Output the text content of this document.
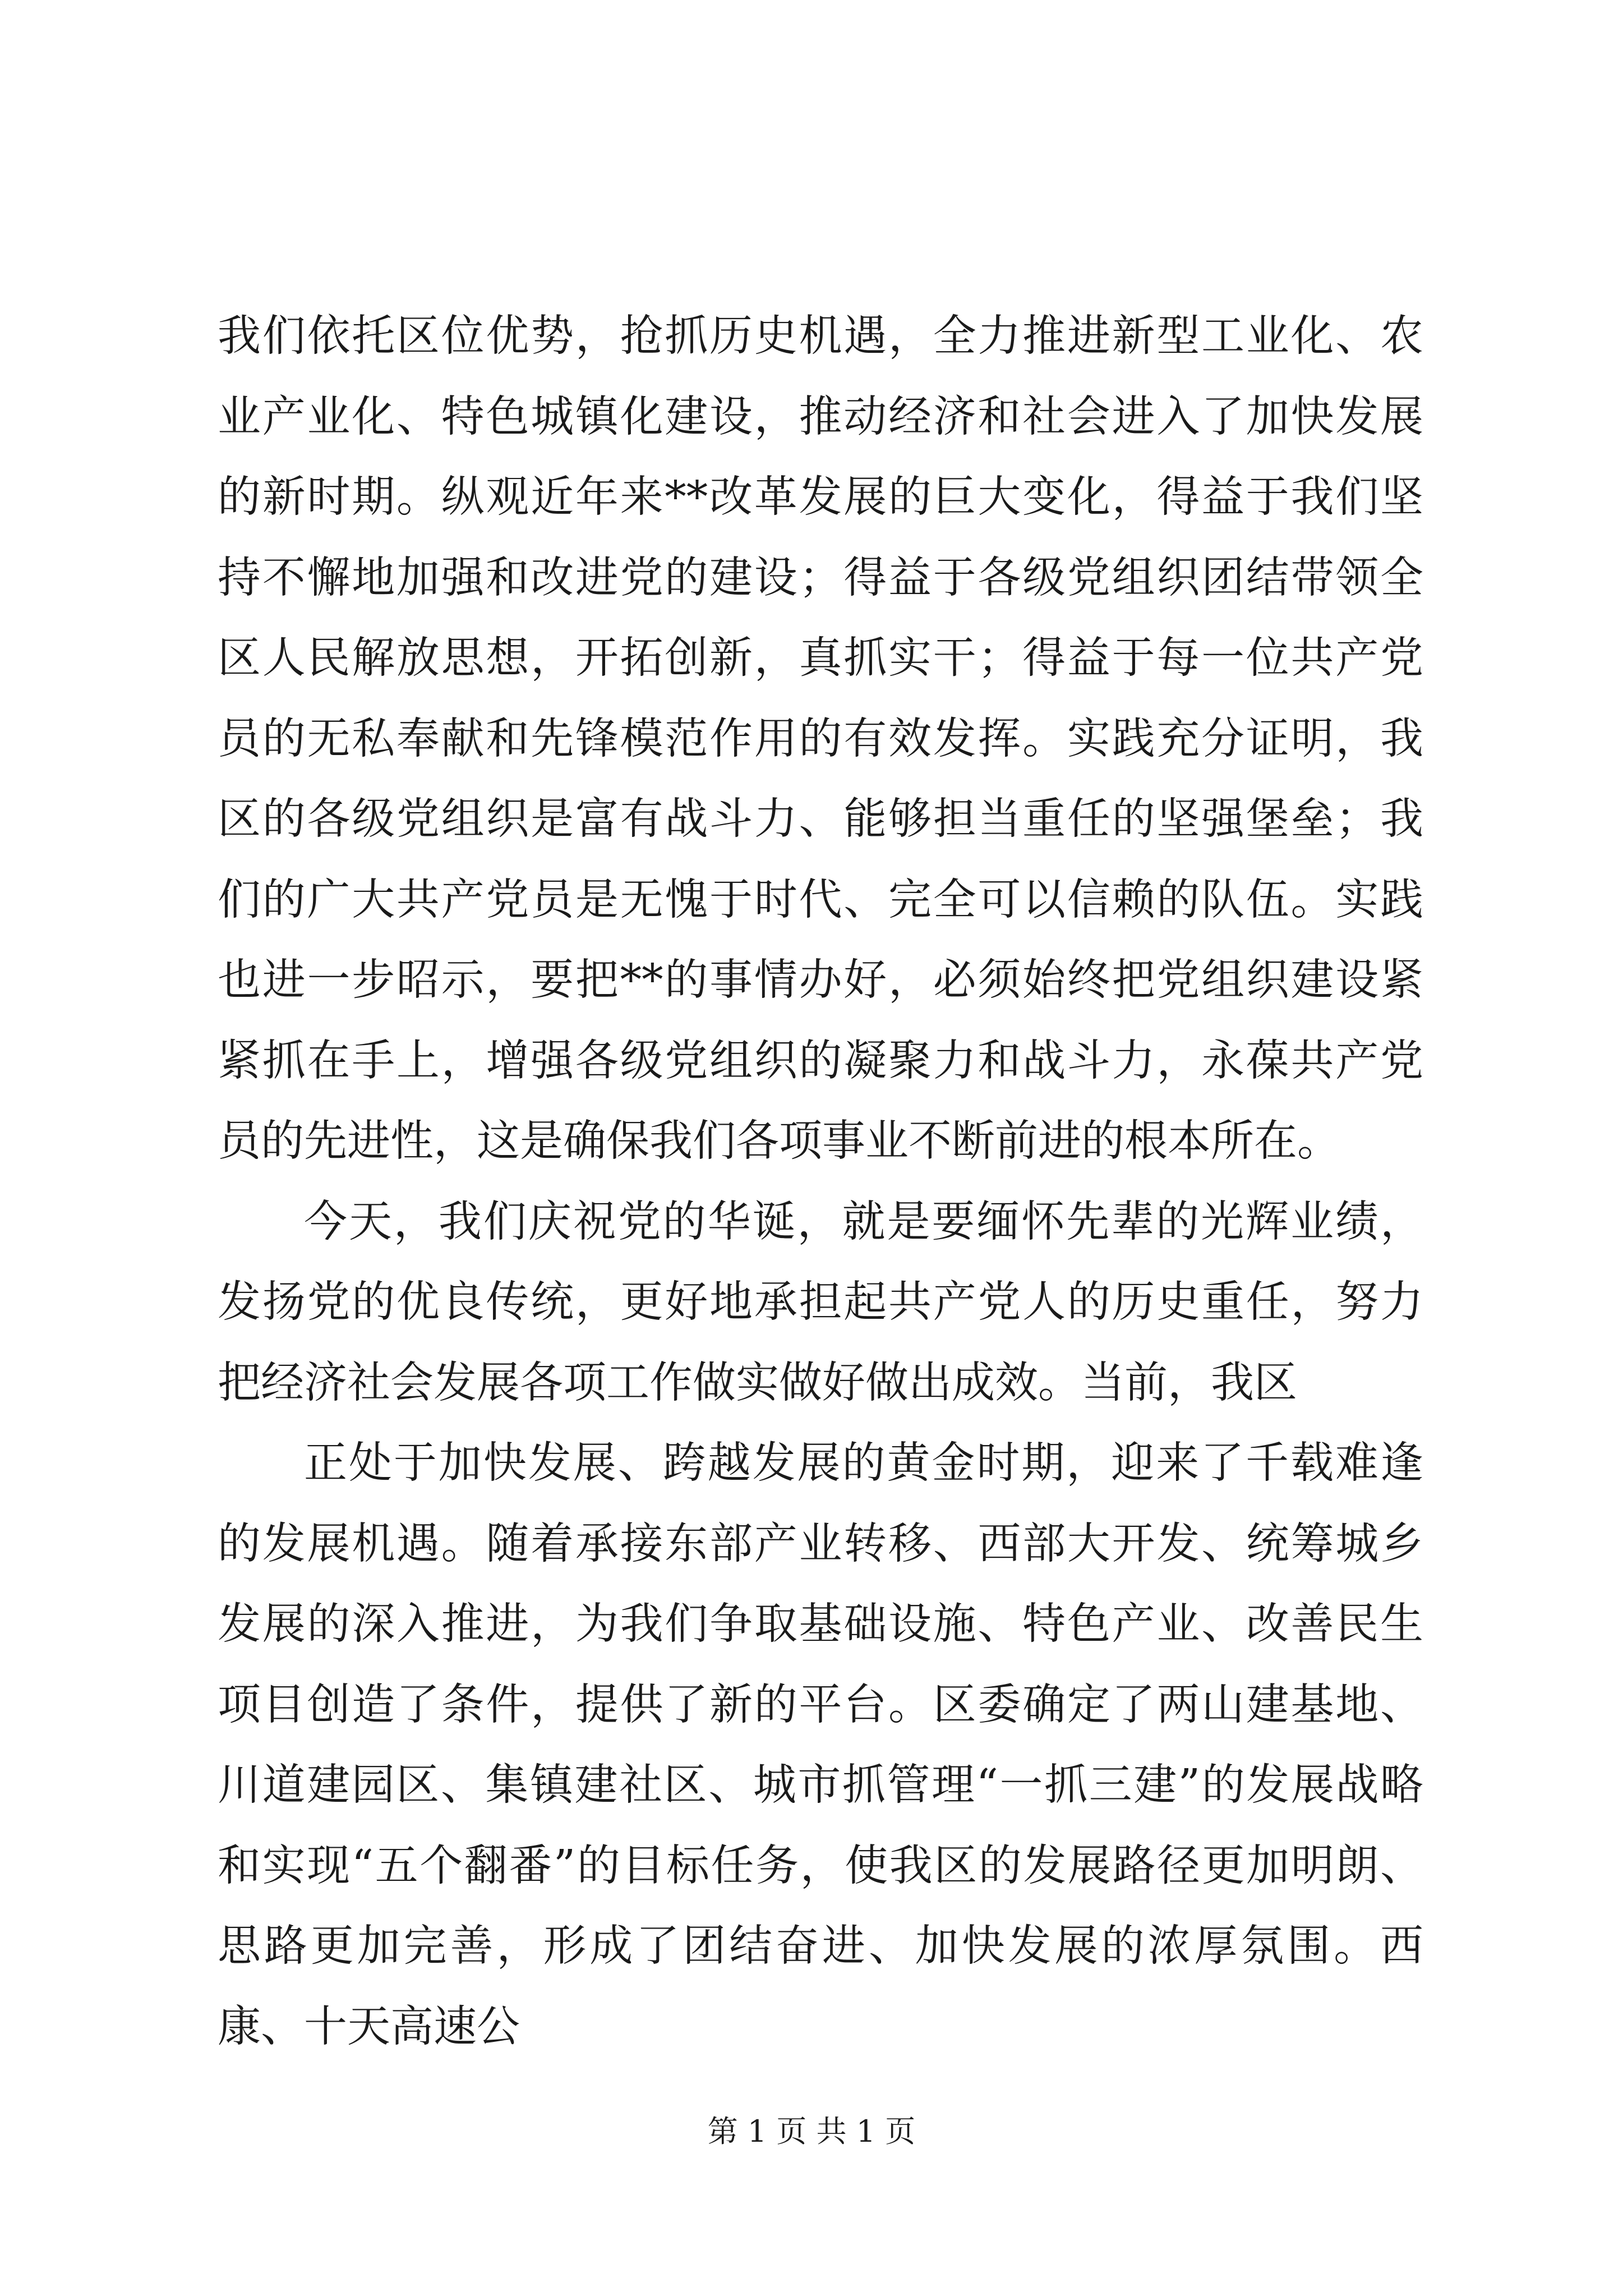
我们依托区位优势，抢抓历史机遇，全力推进新型工业化、农业产业化、特色城镇化建设，推动经济和社会进入了加快发展的新时期。纵观近年来**改革发展的巨大变化，得益于我们坚持不懈地加强和改进党的建设；得益于各级党组织团结带领全区人民解放思想，开拓创新，真抓实干；得益于每一位共产党员的无私奉献和先锋模范作用的有效发挥。实践充分证明，我区的各级党组织是富有战斗力、能够担当重任的坚强堡垒；我们的广大共产党员是无愧于时代、完全可以信赖的队伍。实践也进一步昭示，要把**的事情办好，必须始终把党组织建设紧紧抓在手上，增强各级党组织的凝聚力和战斗力，永葆共产党员的先进性，这是确保我们各项事业不断前进的根本所在。

今天，我们庆祝党的华诞，就是要缅怀先辈的光辉业绩，发扬党的优良传统，更好地承担起共产党人的历史重任，努力把经济社会发展各项工作做实做好做出成效。当前，我区

正处于加快发展、跨越发展的黄金时期，迎来了千载难逢的发展机遇。随着承接东部产业转移、西部大开发、统筹城乡发展的深入推进，为我们争取基础设施、特色产业、改善民生项目创造了条件，提供了新的平台。区委确定了两山建基地、川道建园区、集镇建社区、城市抓管理“一抓三建”的发展战略和实现“五个翻番”的目标任务，使我区的发展路径更加明朗、思路更加完善，形成了团结奋进、加快发展的浓厚氛围。西康、十天高速公

第 1 页 共 1 页
